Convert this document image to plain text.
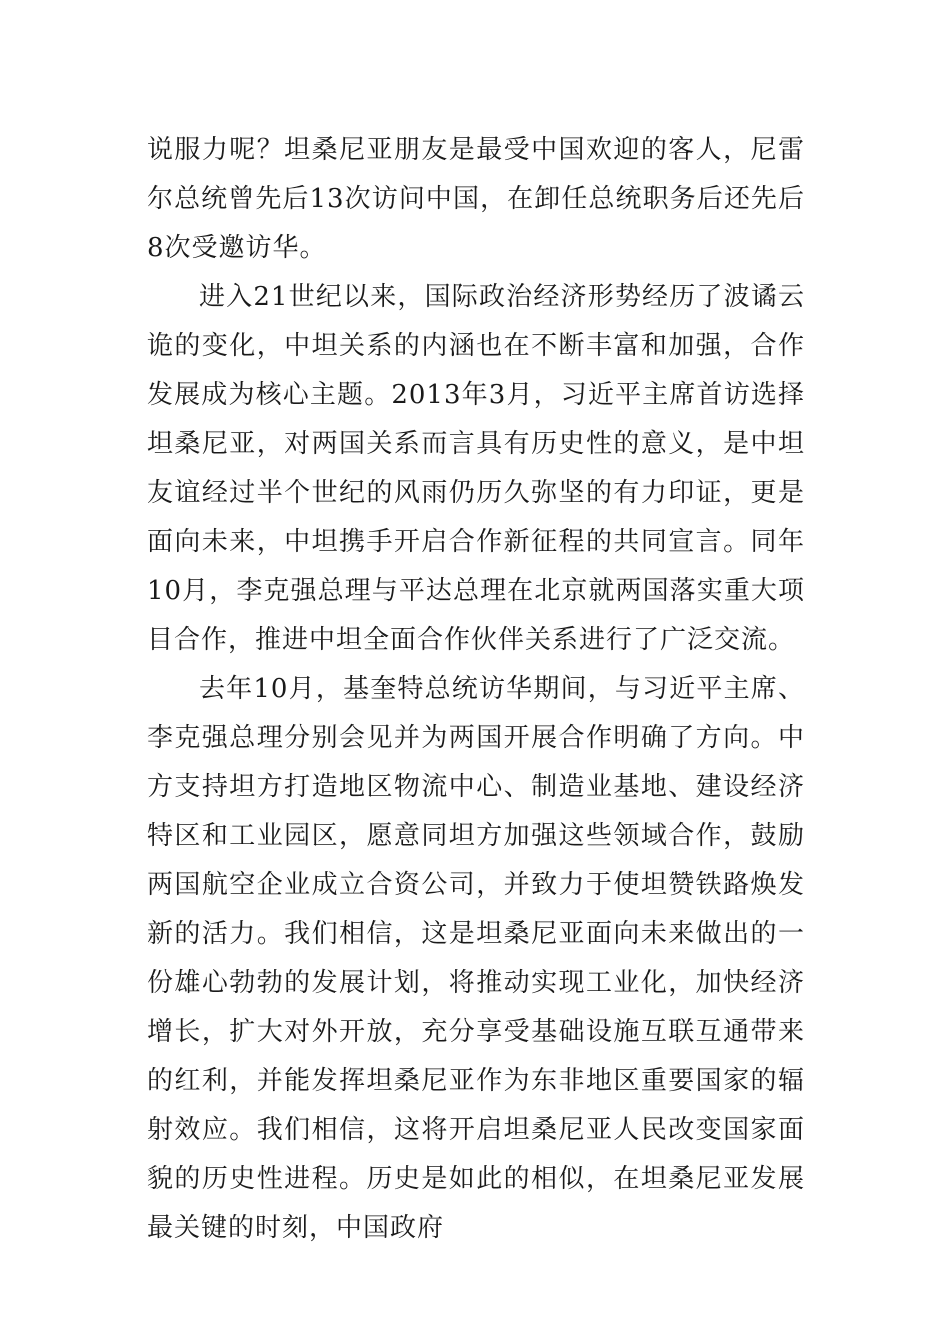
说服力呢？坦桑尼亚朋友是最受中国欢迎的客人，尼雷尔总统曾先后13次访问中国，在卸任总统职务后还先后8次受邀访华。

进入21世纪以来，国际政治经济形势经历了波谲云诡的变化，中坦关系的内涵也在不断丰富和加强，合作发展成为核心主题。2013年3月，习近平主席首访选择坦桑尼亚，对两国关系而言具有历史性的意义，是中坦友谊经过半个世纪的风雨仍历久弥坚的有力印证，更是面向未来，中坦携手开启合作新征程的共同宣言。同年10月，李克强总理与平达总理在北京就两国落实重大项目合作，推进中坦全面合作伙伴关系进行了广泛交流。

去年10月，基奎特总统访华期间，与习近平主席、李克强总理分别会见并为两国开展合作明确了方向。中方支持坦方打造地区物流中心、制造业基地、建设经济特区和工业园区，愿意同坦方加强这些领域合作，鼓励两国航空企业成立合资公司，并致力于使坦赞铁路焕发新的活力。我们相信，这是坦桑尼亚面向未来做出的一份雄心勃勃的发展计划，将推动实现工业化，加快经济增长，扩大对外开放，充分享受基础设施互联互通带来的红利，并能发挥坦桑尼亚作为东非地区重要国家的辐射效应。我们相信，这将开启坦桑尼亚人民改变国家面貌的历史性进程。历史是如此的相似，在坦桑尼亚发展最关键的时刻，中国政府
